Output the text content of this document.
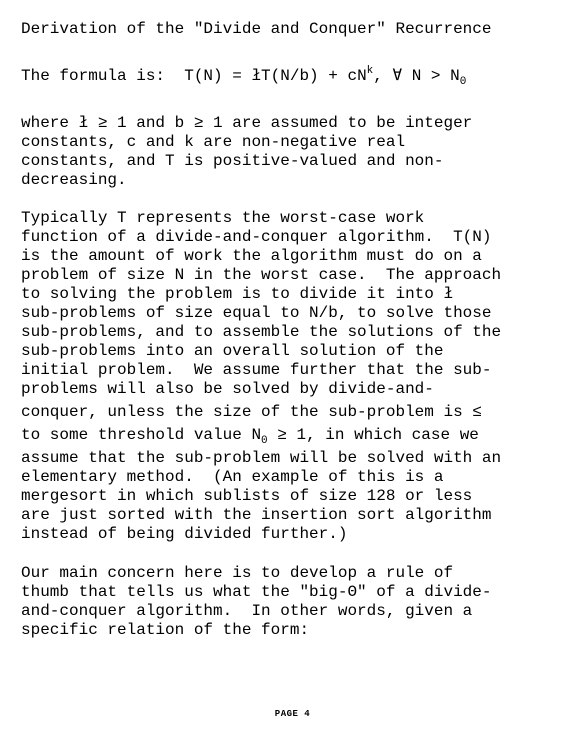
Derivation of the "Divide and Conquer" Recurrence
The formula is:  T(N) = łT(N/b) + $cN^k$, ∀ $N > N_0$
where ł ≥ 1 and b ≥ 1 are assumed to be integer
constants, c and k are non-negative real
constants, and T is positive-valued and non-
decreasing.
Typically T represents the worst-case work
function of a divide-and-conquer algorithm.  T(N)
is the amount of work the algorithm must do on a
problem of size N in the worst case.  The approach
to solving the problem is to divide it into ł
sub-problems of size equal to N/b, to solve those
sub-problems, and to assemble the solutions of the
sub-problems into an overall solution of the
initial problem.  We assume further that the sub-
problems will also be solved by divide-and-
conquer, unless the size of the sub-problem is ≤
to some threshold value $N_0 \ge 1$, in which case we
assume that the sub-problem will be solved with an
elementary method.  (An example of this is a
mergesort in which sublists of size 128 or less
are just sorted with the insertion sort algorithm
instead of being divided further.)
Our main concern here is to develop a rule of
thumb that tells us what the "big-Θ" of a divide-
and-conquer algorithm.  In other words, given a
specific relation of the form:
PAGE 4
